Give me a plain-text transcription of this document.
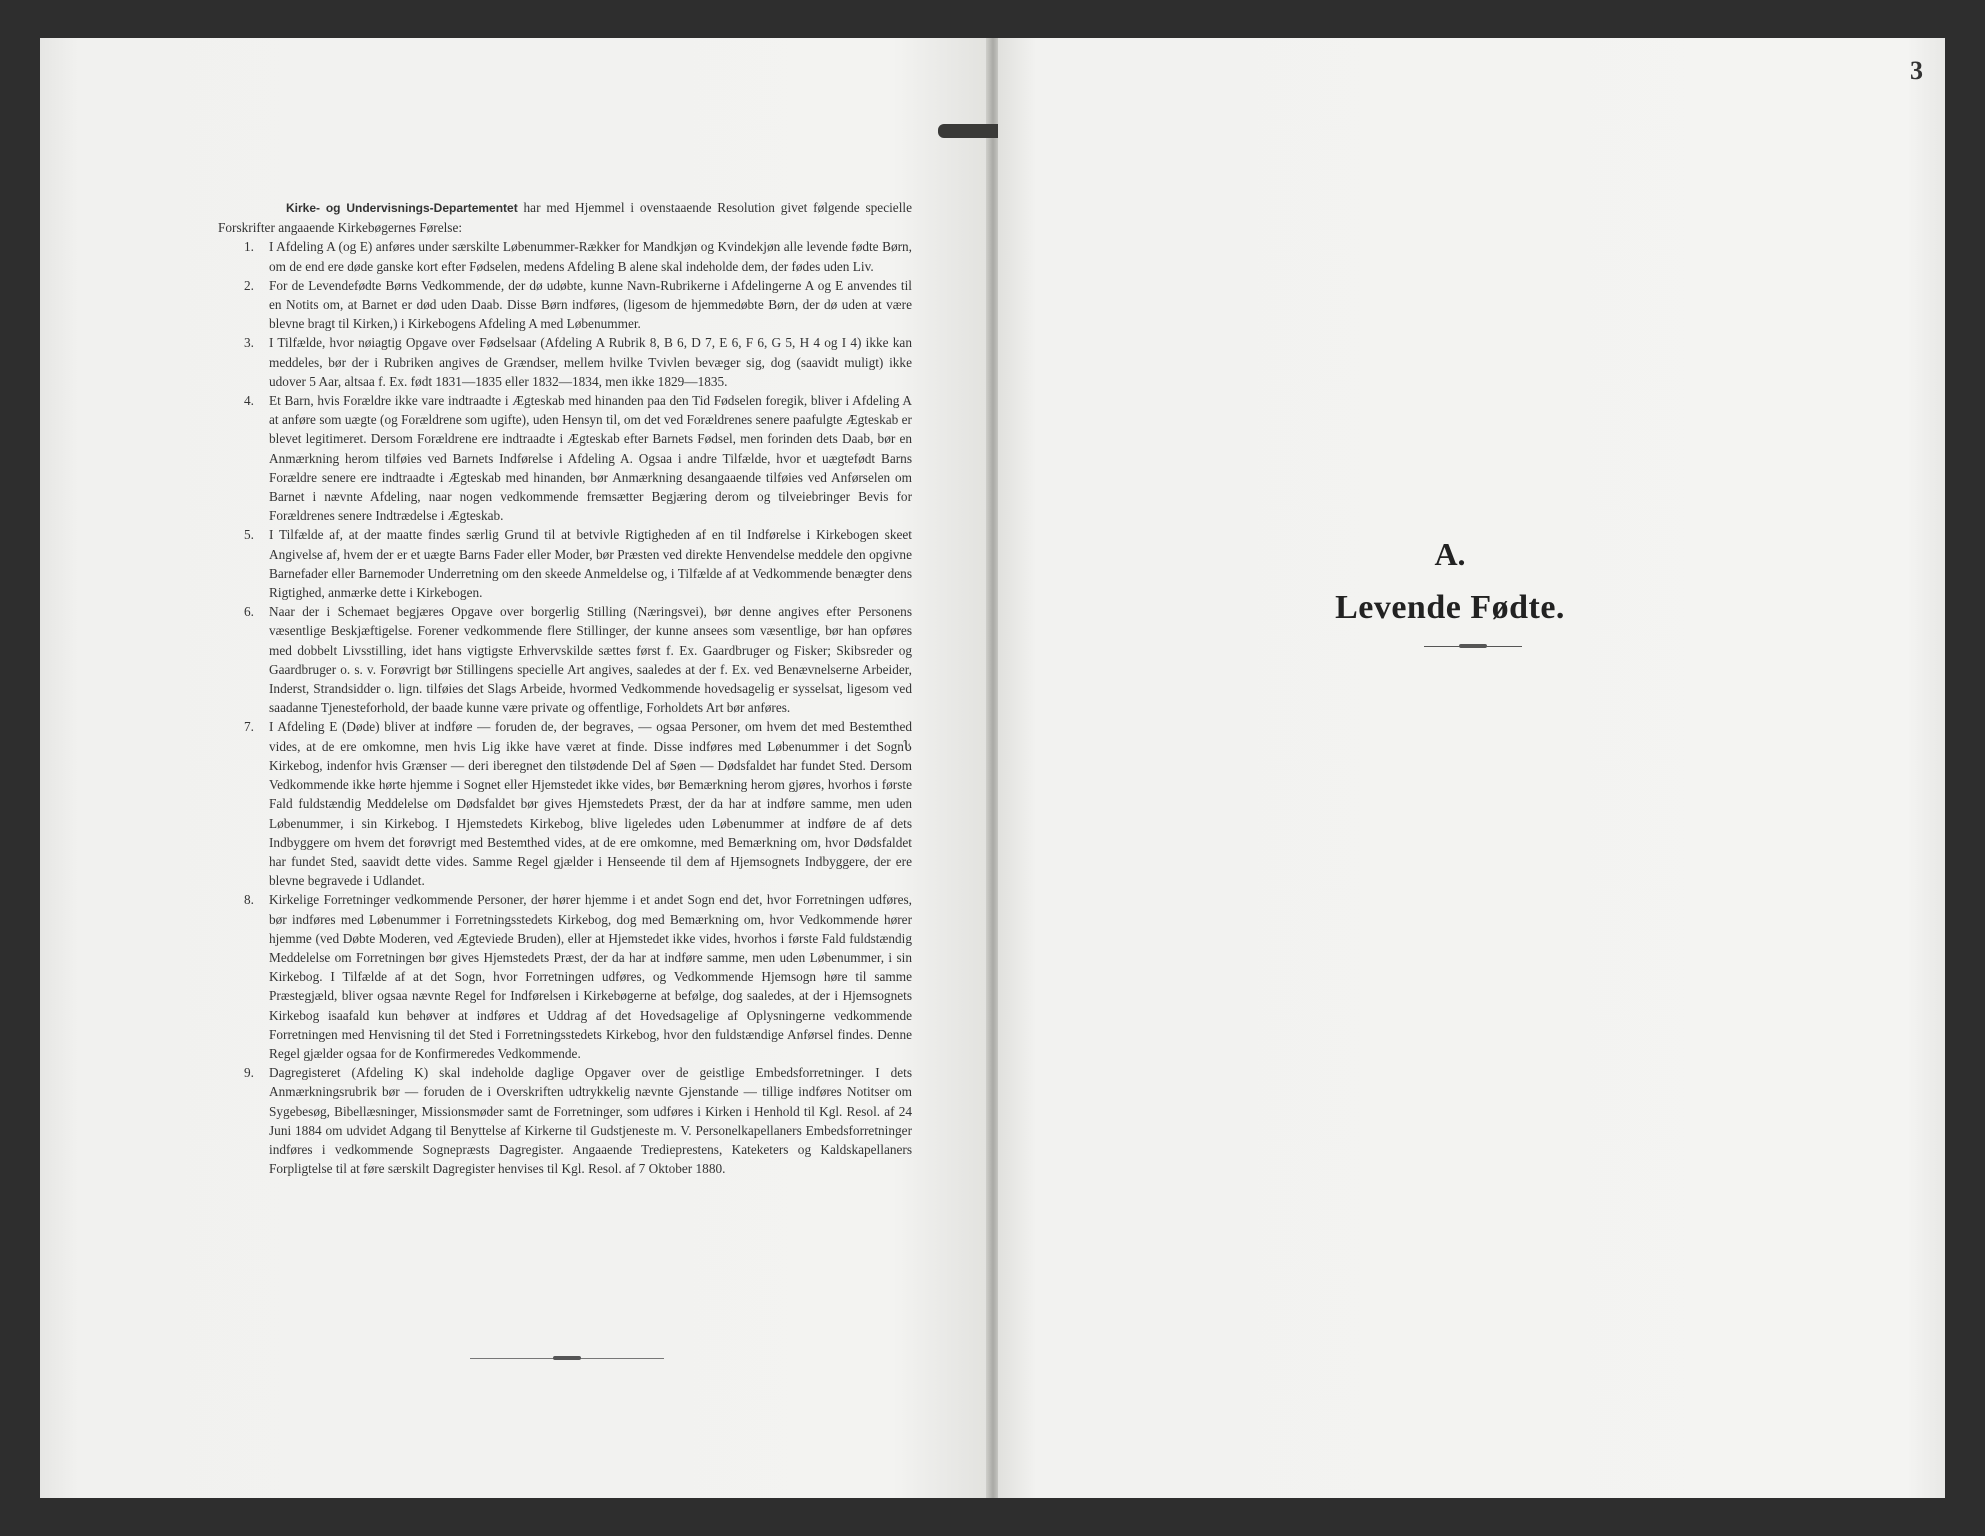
Kirke- og Undervisnings-Departementet har med Hjemmel i ovenstaaende Resolution givet følgende specielle Forskrifter angaaende Kirkebøgernes Førelse:

1. I Afdeling A (og E) anføres under særskilte Løbenummer-Rækker for Mandkjøn og Kvindekjøn alle levende fødte Børn, om de end ere døde ganske kort efter Fødselen, medens Afdeling B alene skal indeholde dem, der fødes uden Liv.
2. For de Levendefødte Børns Vedkommende, der dø udøbte, kunne Navn-Rubrikerne i Afdelingerne A og E anvendes til en Notits om, at Barnet er død uden Daab. Disse Børn indføres, (ligesom de hjemmedøbte Børn, der dø uden at være blevne bragt til Kirken,) i Kirkebogens Afdeling A med Løbenummer.
3. I Tilfælde, hvor nøiagtig Opgave over Fødselsaar (Afdeling A Rubrik 8, B 6, D 7, E 6, F 6, G 5, H 4 og I 4) ikke kan meddeles, bør der i Rubriken angives de Grændser, mellem hvilke Tvivlen bevæger sig, dog (saavidt muligt) ikke udover 5 Aar, altsaa f. Ex. født 1831—1835 eller 1832—1834, men ikke 1829—1835.
4. Et Barn, hvis Forældre ikke vare indtraadte i Ægteskab med hinanden paa den Tid Fødselen foregik, bliver i Afdeling A at anføre som uægte (og Forældrene som ugifte), uden Hensyn til, om det ved Forældrenes senere paafulgte Ægteskab er blevet legitimeret. Dersom Forældrene ere indtraadte i Ægteskab efter Barnets Fødsel, men forinden dets Daab, bør en Anmærkning herom tilføies ved Barnets Indførelse i Afdeling A. Ogsaa i andre Tilfælde, hvor et uægtefødt Barns Forældre senere ere indtraadte i Ægteskab med hinanden, bør Anmærkning desangaaende tilføies ved Anførselen om Barnet i nævnte Afdeling, naar nogen vedkommende fremsætter Begjæring derom og tilveiebringer Bevis for Forældrenes senere Indtrædelse i Ægteskab.
5. I Tilfælde af, at der maatte findes særlig Grund til at betvivle Rigtigheden af en til Indførelse i Kirkebogen skeet Angivelse af, hvem der er et uægte Barns Fader eller Moder, bør Præsten ved direkte Henvendelse meddele den opgivne Barnefader eller Barnemoder Underretning om den skeede Anmeldelse og, i Tilfælde af at Vedkommende benægter dens Rigtighed, anmærke dette i Kirkebogen.
6. Naar der i Schemaet begjæres Opgave over borgerlig Stilling (Næringsvei), bør denne angives efter Personens væsentlige Beskjæftigelse. Forener vedkommende flere Stillinger, der kunne ansees som væsentlige, bør han opføres med dobbelt Livsstilling, idet hans vigtigste Erhvervskilde sættes først f. Ex. Gaardbruger og Fisker; Skibsreder og Gaardbruger o. s. v. Forøvrigt bør Stillingens specielle Art angives, saaledes at der f. Ex. ved Benævnelserne Arbeider, Inderst, Strandsidder o. lign. tilføies det Slags Arbeide, hvormed Vedkommende hovedsagelig er sysselsat, ligesom ved saadanne Tjenesteforhold, der baade kunne være private og offentlige, Forholdets Art bør anføres.
7. I Afdeling E (Døde) bliver at indføre — foruden de, der begraves, — ogsaa Personer, om hvem det med Bestemthed vides, at de ere omkomne, men hvis Lig ikke have været at finde. Disse indføres med Løbenummer i det Sognს Kirkebog, indenfor hvis Grænser — deri iberegnet den tilstødende Del af Søen — Dødsfaldet har fundet Sted. Dersom Vedkommende ikke hørte hjemme i Sognet eller Hjemstedet ikke vides, bør Bemærkning herom gjøres, hvorhos i første Fald fuldstændig Meddelelse om Dødsfaldet bør gives Hjemstedets Præst, der da har at indføre samme, men uden Løbenummer, i sin Kirkebog. I Hjemstedets Kirkebog, blive ligeledes uden Løbenummer at indføre de af dets Indbyggere om hvem det forøvrigt med Bestemthed vides, at de ere omkomne, med Bemærkning om, hvor Dødsfaldet har fundet Sted, saavidt dette vides. Samme Regel gjælder i Henseende til dem af Hjemsognets Indbyggere, der ere blevne begravede i Udlandet.
8. Kirkelige Forretninger vedkommende Personer, der hører hjemme i et andet Sogn end det, hvor Forretningen udføres, bør indføres med Løbenummer i Forretningsstedets Kirkebog, dog med Bemærkning om, hvor Vedkommende hører hjemme (ved Døbte Moderen, ved Ægteviede Bruden), eller at Hjemstedet ikke vides, hvorhos i første Fald fuldstændig Meddelelse om Forretningen bør gives Hjemstedets Præst, der da har at indføre samme, men uden Løbenummer, i sin Kirkebog. I Tilfælde af at det Sogn, hvor Forretningen udføres, og Vedkommende Hjemsogn høre til samme Præstegjæld, bliver ogsaa nævnte Regel for Indførelsen i Kirkebøgerne at befølge, dog saaledes, at der i Hjemsognets Kirkebog isaafald kun behøver at indføres et Uddrag af det Hovedsagelige af Oplysningerne vedkommende Forretningen med Henvisning til det Sted i Forretningsstedets Kirkebog, hvor den fuldstændige Anførsel findes. Denne Regel gjælder ogsaa for de Konfirmeredes Vedkommende.
9. Dagregisteret (Afdeling K) skal indeholde daglige Opgaver over de geistlige Embedsforretninger. I dets Anmærkningsrubrik bør — foruden de i Overskriften udtrykkelig nævnte Gjenstande — tillige indføres Notitser om Sygebesøg, Bibellæsninger, Missionsmøder samt de Forretninger, som udføres i Kirken i Henhold til Kgl. Resol. af 24 Juni 1884 om udvidet Adgang til Benyttelse af Kirkerne til Gudstjeneste m. V. Personelkapellaners Embedsforretninger indføres i vedkommende Sognepræsts Dagregister. Angaaende Tredieprestens, Kateketers og Kaldskapellaners Forpligtelse til at føre særskilt Dagregister henvises til Kgl. Resol. af 7 Oktober 1880.
3

A.

Levende Fødte.
